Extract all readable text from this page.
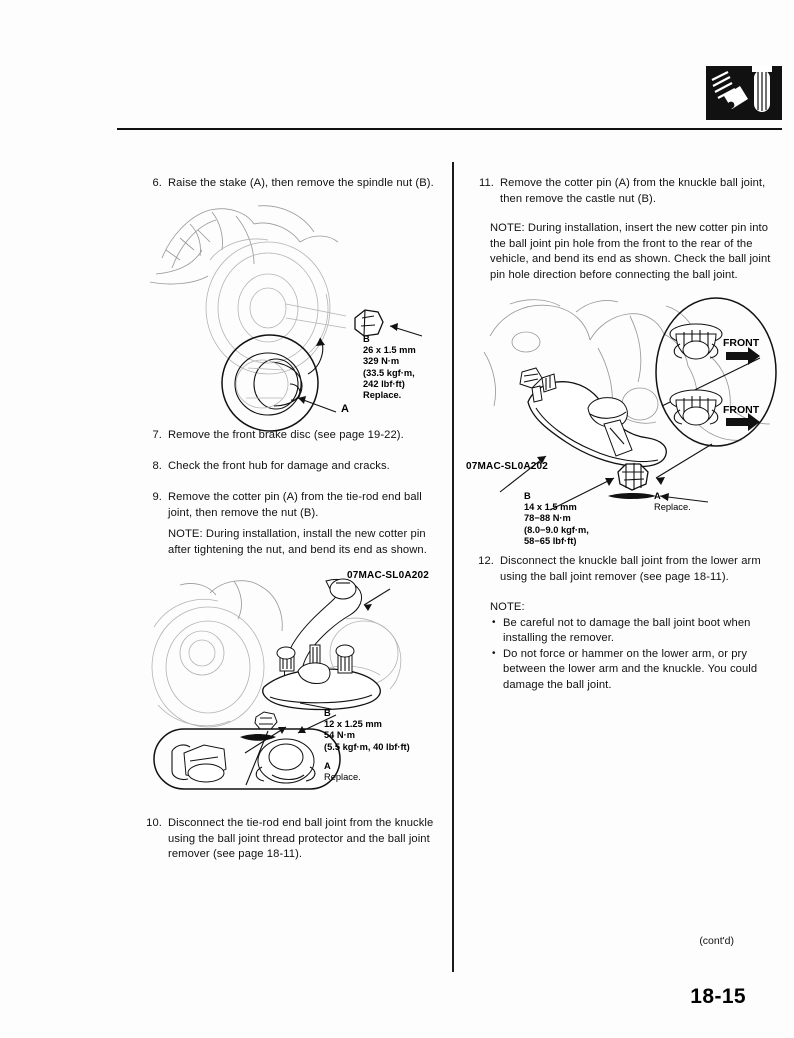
6. Raise the stake (A), then remove the spindle nut (B).
A
B
26 x 1.5 mm
329 N·m
(33.5 kgf·m,
242 lbf·ft)
Replace.
7. Remove the front brake disc (see page 19-22).
8. Check the front hub for damage and cracks.
9. Remove the cotter pin (A) from the tie-rod end ball joint, then remove the nut (B).
NOTE: During installation, install the new cotter pin after tightening the nut, and bend its end as shown.
07MAC-SL0A202
B
12 x 1.25 mm
54 N·m
(5.5 kgf·m, 40 lbf·ft)
A
Replace.
10. Disconnect the tie-rod end ball joint from the knuckle using the ball joint thread protector and the ball joint remover (see page 18-11).
11. Remove the cotter pin (A) from the knuckle ball joint, then remove the castle nut (B).
NOTE: During installation, insert the new cotter pin into the ball joint pin hole from the front to the rear of the vehicle, and bend its end as shown. Check the ball joint pin hole direction before connecting the ball joint.
FRONT
FRONT
07MAC-SL0A202
B
14 x 1.5 mm
78−88 N·m
(8.0−9.0 kgf·m,
58−65 lbf·ft)
A
Replace.
12. Disconnect the knuckle ball joint from the lower arm using the ball joint remover (see page 18-11).
NOTE:
• Be careful not to damage the ball joint boot when installing the remover.
• Do not force or hammer on the lower arm, or pry between the lower arm and the knuckle. You could damage the ball joint.
(cont'd)
18-15
